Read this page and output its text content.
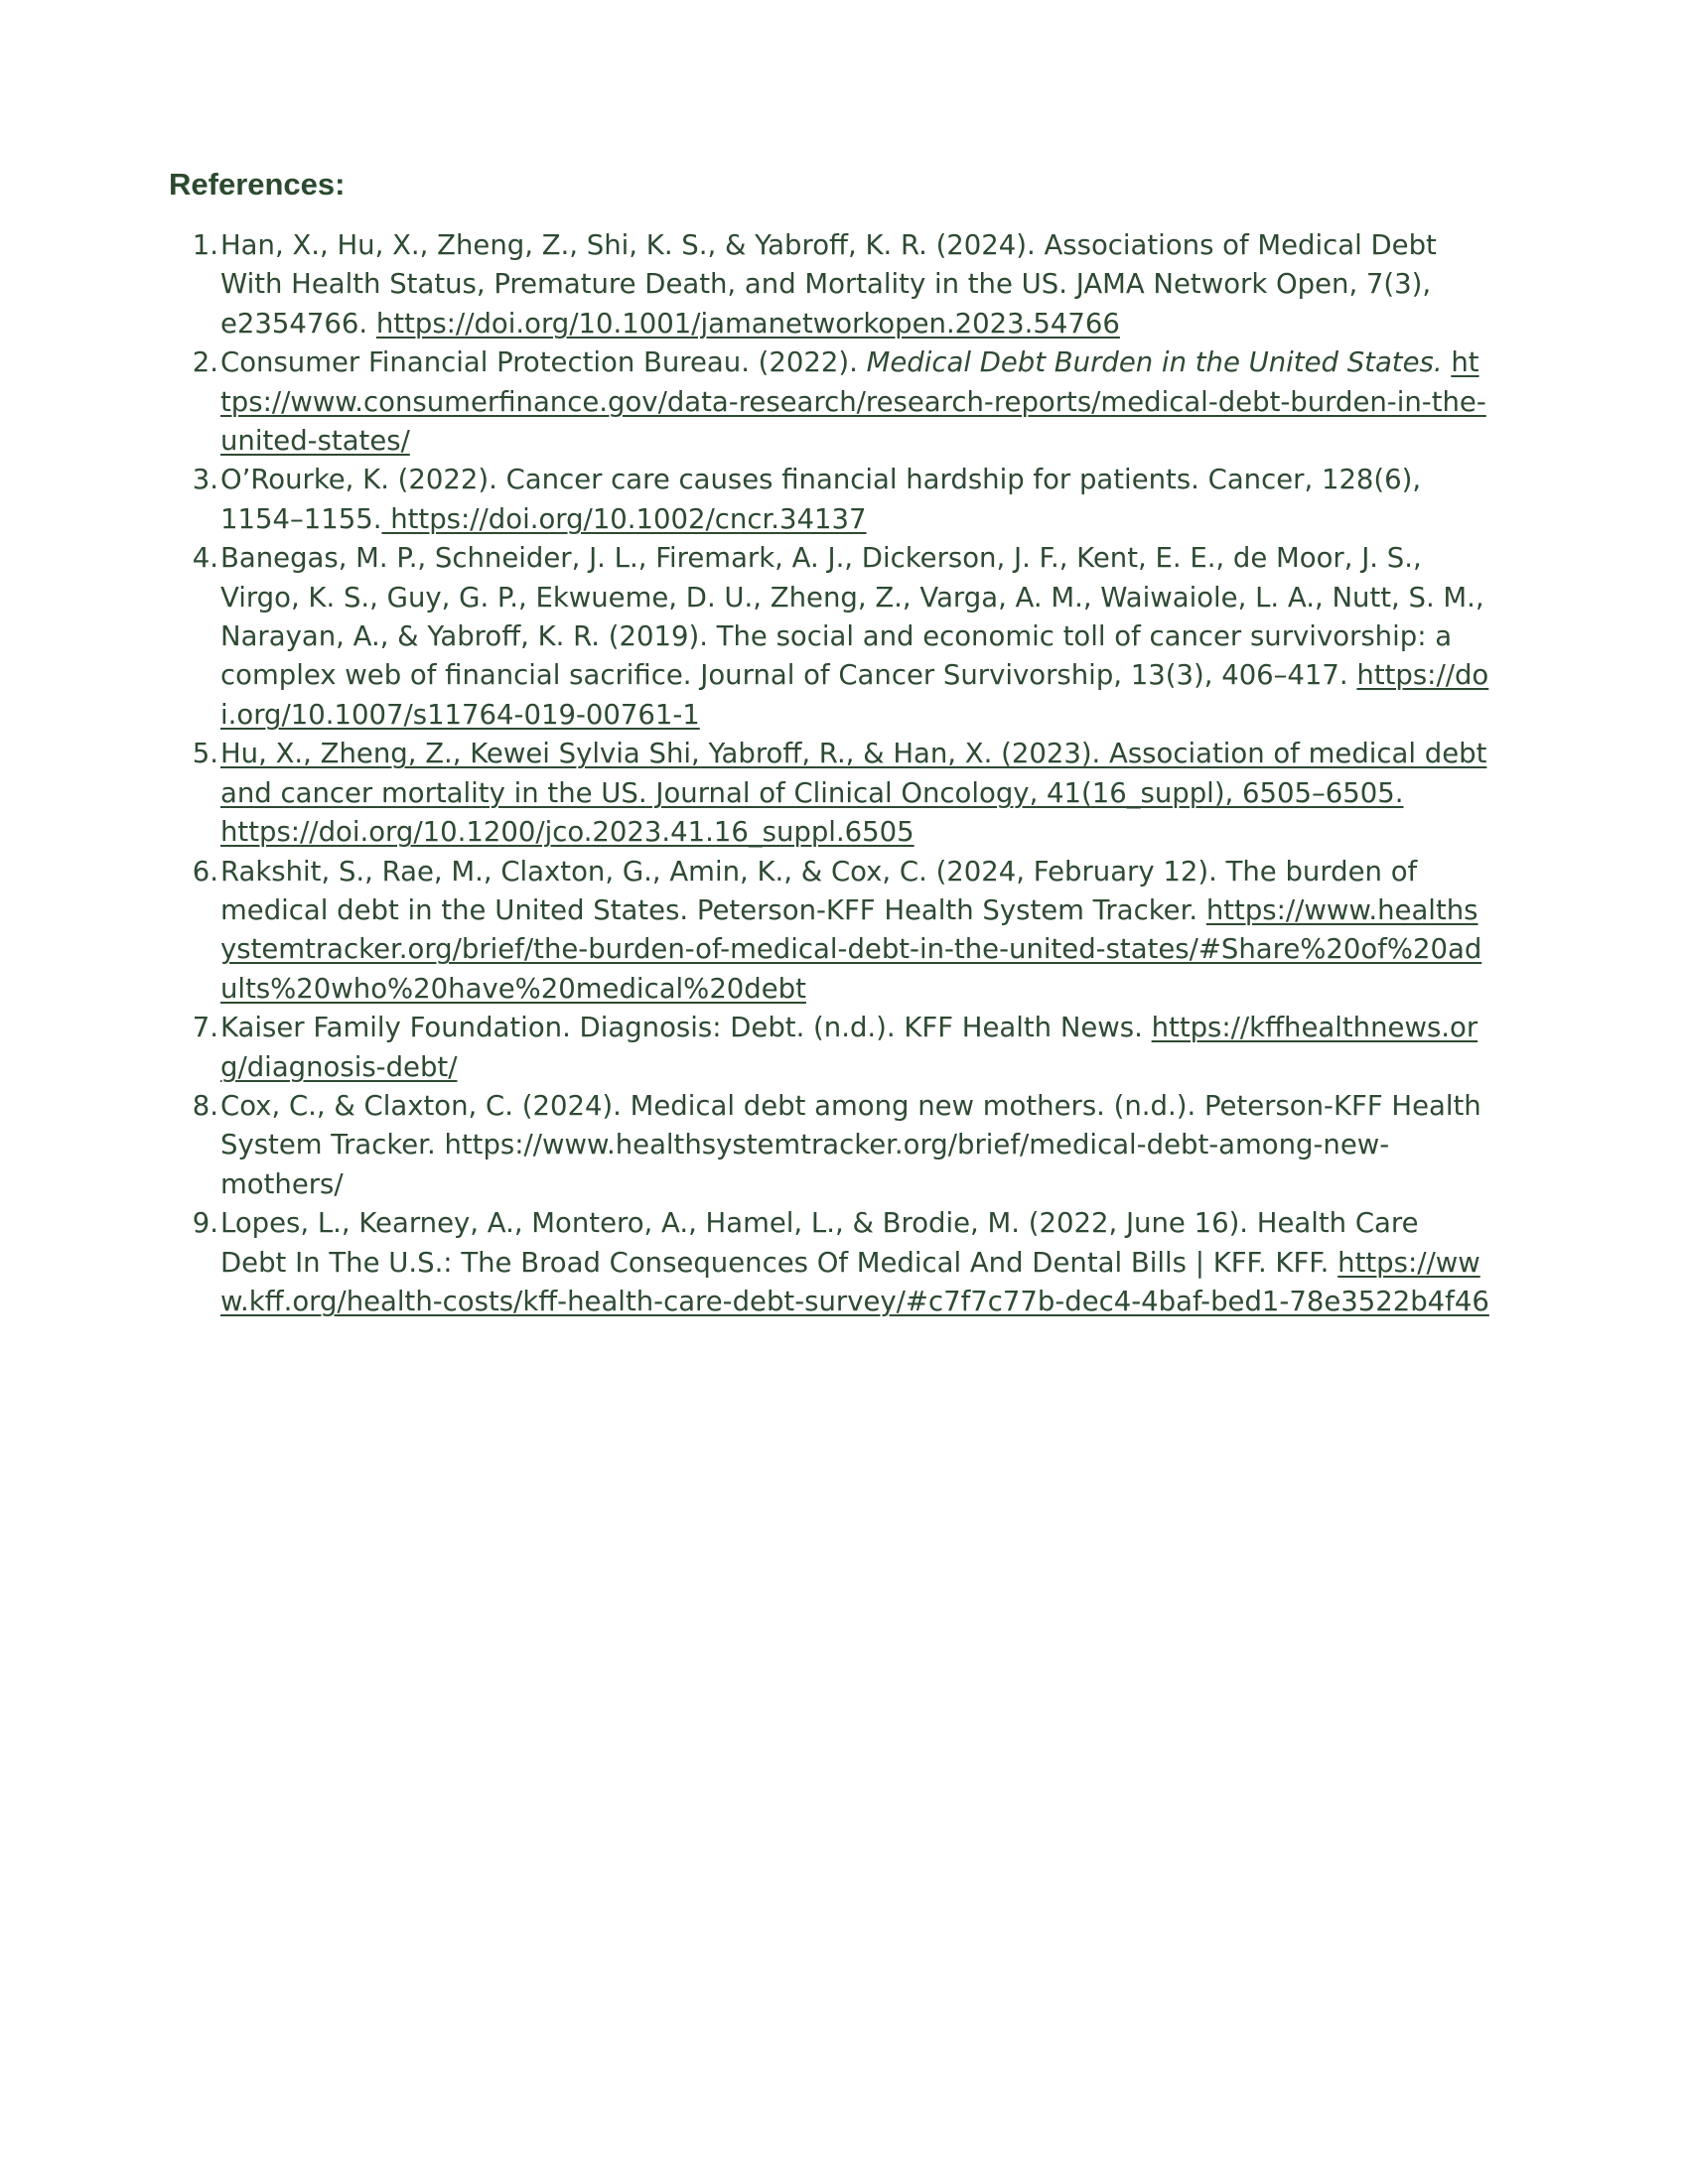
References:
1. Han, X., Hu, X., Zheng, Z., Shi, K. S., & Yabroff, K. R. (2024). Associations of Medical Debt With Health Status, Premature Death, and Mortality in the US. JAMA Network Open, 7(3), e2354766. https://doi.org/10.1001/jamanetworkopen.2023.54766
2. Consumer Financial Protection Bureau. (2022). Medical Debt Burden in the United States. https://www.consumerfinance.gov/data-research/research-reports/medical-debt-burden-in-the-united-states/
3. O’Rourke, K. (2022). Cancer care causes financial hardship for patients. Cancer, 128(6), 1154–1155. https://doi.org/10.1002/cncr.34137
4. Banegas, M. P., Schneider, J. L., Firemark, A. J., Dickerson, J. F., Kent, E. E., de Moor, J. S., Virgo, K. S., Guy, G. P., Ekwueme, D. U., Zheng, Z., Varga, A. M., Waiwaiole, L. A., Nutt, S. M., Narayan, A., & Yabroff, K. R. (2019). The social and economic toll of cancer survivorship: a complex web of financial sacrifice. Journal of Cancer Survivorship, 13(3), 406–417. https://doi.org/10.1007/s11764-019-00761-1
5. Hu, X., Zheng, Z., Kewei Sylvia Shi, Yabroff, R., & Han, X. (2023). Association of medical debt and cancer mortality in the US. Journal of Clinical Oncology, 41(16_suppl), 6505–6505. https://doi.org/10.1200/jco.2023.41.16_suppl.6505
6. Rakshit, S., Rae, M., Claxton, G., Amin, K., & Cox, C. (2024, February 12). The burden of medical debt in the United States. Peterson-KFF Health System Tracker. https://www.healthsystemtracker.org/brief/the-burden-of-medical-debt-in-the-united-states/#Share%20of%20adults%20who%20have%20medical%20debt
7. Kaiser Family Foundation. Diagnosis: Debt. (n.d.). KFF Health News. https://kffhealthnews.org/diagnosis-debt/
8. Cox, C., & Claxton, C. (2024). Medical debt among new mothers. (n.d.). Peterson-KFF Health System Tracker. https://www.healthsystemtracker.org/brief/medical-debt-among-new- mothers/
9. Lopes, L., Kearney, A., Montero, A., Hamel, L., & Brodie, M. (2022, June 16). Health Care Debt In The U.S.: The Broad Consequences Of Medical And Dental Bills | KFF. KFF. https://www.kff.org/health-costs/kff-health-care-debt-survey/#c7f7c77b-dec4-4baf-bed1-78e3522b4f46
